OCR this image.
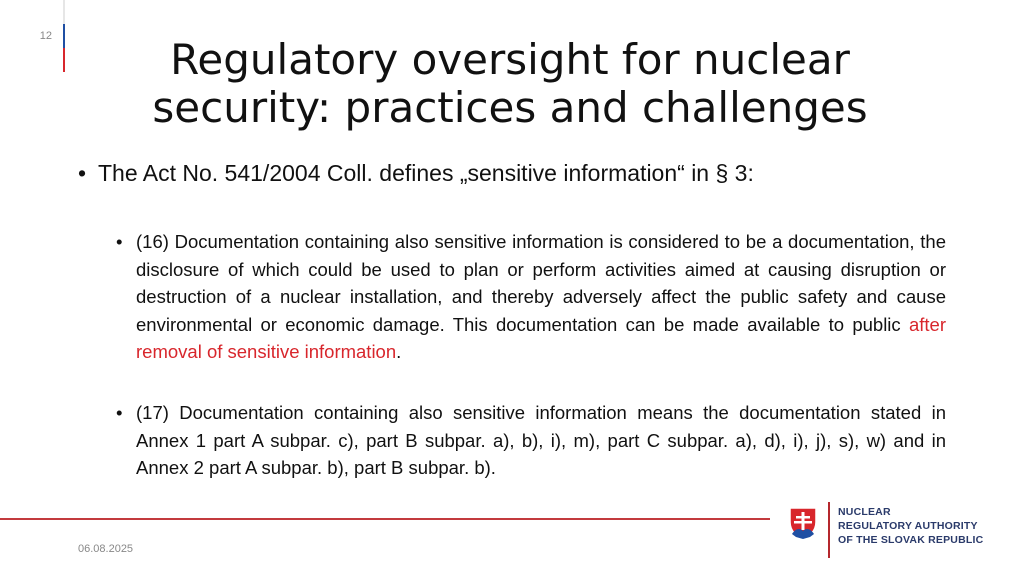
12	Regulatory oversight for nuclear security: practices and challenges
• The Act No. 541/2004 Coll. defines „sensitive information“ in § 3:
• (16) Documentation containing also sensitive information is considered to be a documentation, the disclosure of which could be used to plan or perform activities aimed at causing disruption or destruction of a nuclear installation, and thereby adversely affect the public safety and cause environmental or economic damage. This documentation can be made available to public after removal of sensitive information.
• (17) Documentation containing also sensitive information means the documentation stated in Annex 1 part A subpar. c), part B subpar. a), b), i), m), part C subpar. a), d), i), j), s), w) and in Annex 2 part A subpar. b), part B subpar. b).
06.08.2025
NUCLEAR
REGULATORY AUTHORITY
OF THE SLOVAK REPUBLIC
